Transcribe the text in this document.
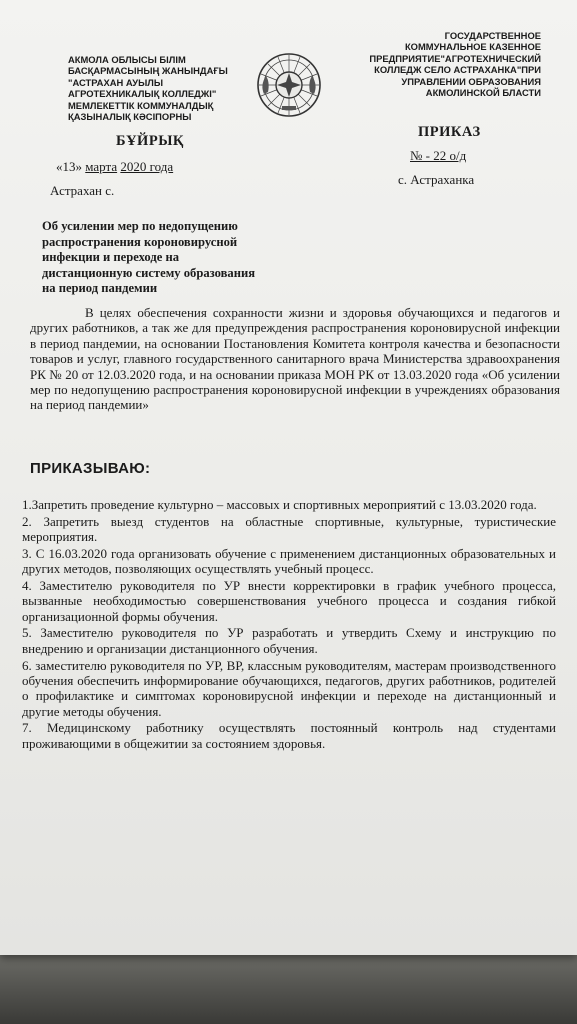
АКМОЛА ОБЛЫСЫ БІЛІМ
БАСҚАРМАСЫНЫҢ ЖАНЫНДАҒЫ
"АСТРАХАН АУЫЛЫ
АГРОТЕХНИКАЛЫҚ КОЛЛЕДЖІ"
МЕМЛЕКЕТТІК КОММУНАЛДЫҚ
ҚАЗЫНАЛЫҚ КӘСІПОРНЫ
ГОСУДАРСТВЕННОЕ
КОММУНАЛЬНОЕ КАЗЕННОЕ
ПРЕДПРИЯТИЕ"АГРОТЕХНИЧЕСКИЙ
КОЛЛЕДЖ СЕЛО АСТРАХАНКА"ПРИ
УПРАВЛЕНИИ ОБРАЗОВАНИЯ
АКМОЛИНСКОЙ БЛАСТИ
БҰЙРЫҚ
ПРИКАЗ
«13» марта 2020 года
№ - 22 о/д
Астрахан с.
с. Астраханка
Об усилении мер по недопущению
распространения короновирусной
инфекции и переходе на
дистанционную систему образования
на период пандемии

В целях обеспечения сохранности жизни и здоровья обучающихся и педагогов и других работников, а так же для предупреждения распространения короновирусной инфекции в период пандемии, на основании Постановления Комитета контроля качества и безопасности товаров и услуг, главного государственного санитарного врача Министерства здравоохранения РК № 20 от 12.03.2020 года, и на основании приказа МОН РК от 13.03.2020 года «Об усилении мер по недопущению распространения короновирусной инфекции в учреждениях образования на период пандемии»

ПРИКАЗЫВАЮ:

1.Запретить проведение культурно – массовых и спортивных мероприятий с 13.03.2020 года.

2. Запретить выезд студентов на областные спортивные, культурные, туристические мероприятия.

3. С 16.03.2020 года организовать обучение с применением дистанционных образовательных и других методов, позволяющих осуществлять учебный процесс.

4. Заместителю руководителя по УР внести корректировки в график учебного процесса, вызванные необходимостью совершенствования учебного процесса и создания гибкой организационной формы обучения.

5. Заместителю руководителя по УР разработать и утвердить Схему и инструкцию по внедрению и организации дистанционного обучения.

6. заместителю руководителя по УР, ВР, классным руководителям, мастерам производственного обучения обеспечить информирование обучающихся, педагогов, других работников, родителей о профилактике и симптомах короновирусной инфекции и переходе на дистанционный и другие методы обучения.

7. Медицинскому работнику осуществлять постоянный контроль над студентами проживающими в общежитии за состоянием здоровья.
